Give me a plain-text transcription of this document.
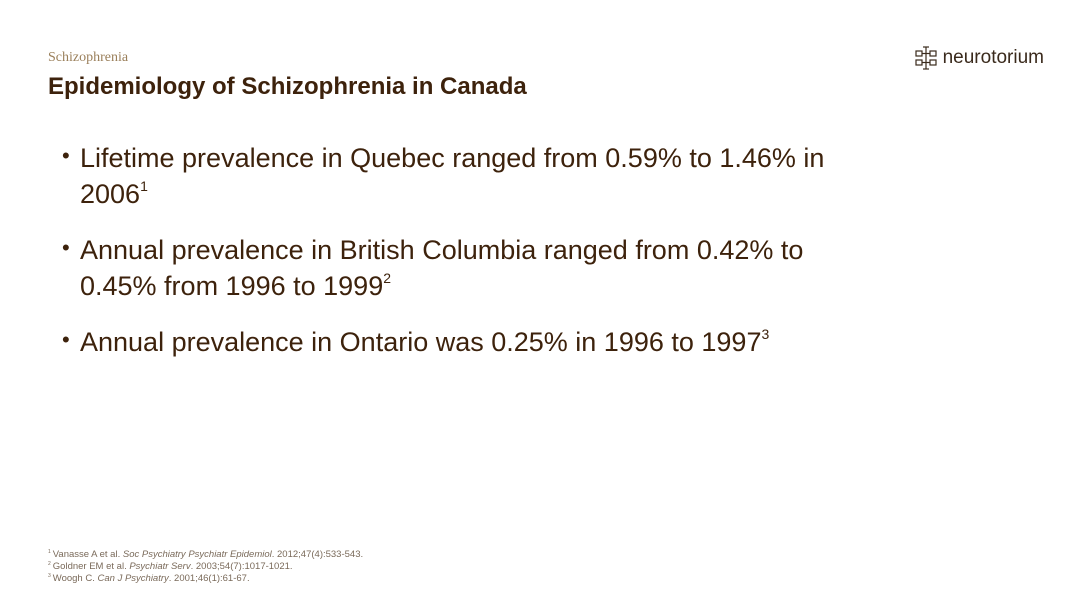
Schizophrenia
Epidemiology of Schizophrenia in Canada
neurotorium
• Lifetime prevalence in Quebec ranged from 0.59% to 1.46% in 2006$^1$
• Annual prevalence in British Columbia ranged from 0.42% to 0.45% from 1996 to 1999$^2$
• Annual prevalence in Ontario was 0.25% in 1996 to 1997$^3$
$^1$ Vanasse A et al. Soc Psychiatry Psychiatr Epidemiol. 2012;47(4):533-543.
$^2$ Goldner EM et al. Psychiatr Serv. 2003;54(7):1017-1021.
$^3$ Woogh C. Can J Psychiatry. 2001;46(1):61-67.
